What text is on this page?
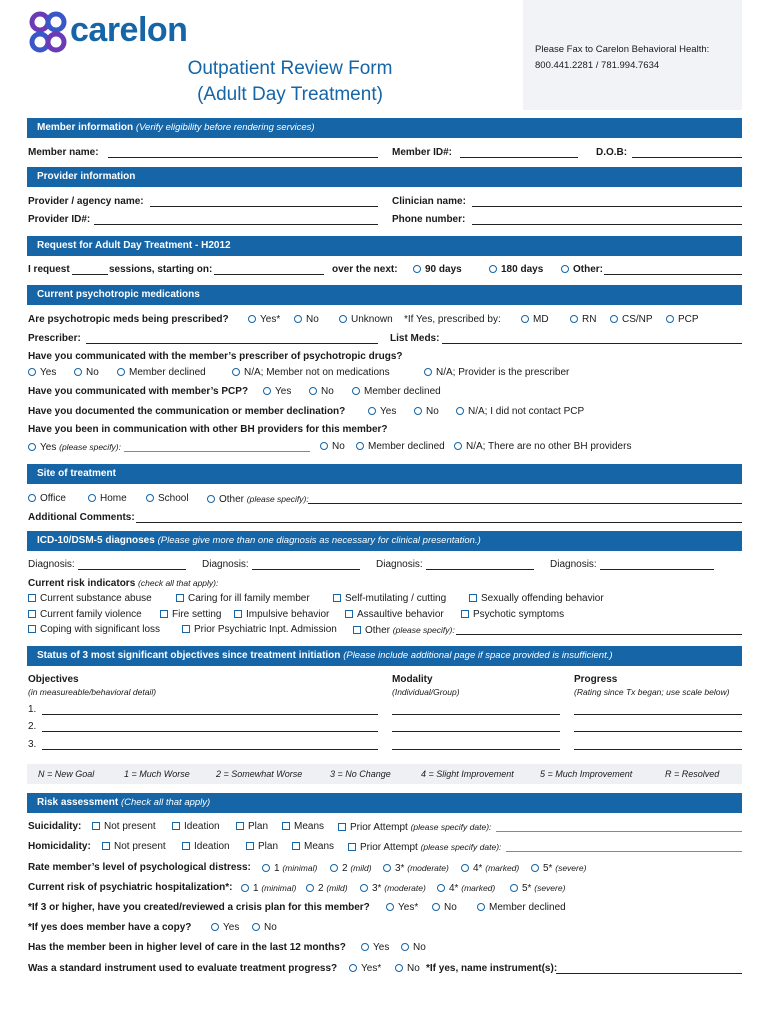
carelon
Please Fax to Carelon Behavioral Health:
800.441.2281 / 781.994.7634
Outpatient Review Form
(Adult Day Treatment)
Member information (Verify eligibility before rendering services)
Member name:	Member ID#:	D.O.B:
Provider information
Provider / agency name:	Clinician name:
Provider ID#:	Phone number:
Request for Adult Day Treatment - H2012
I request	sessions, starting on:	over the next:	90 days	180 days	Other:
Current psychotropic medications
Are psychotropic meds being prescribed?	Yes*	No	Unknown *If Yes, prescribed by:	MD	RN	CS/NP	PCP
Prescriber:	List Meds:
Have you communicated with the member’s prescriber of psychotropic drugs?
Yes	No	Member declined	N/A; Member not on medications	N/A; Provider is the prescriber
Have you communicated with member’s PCP?	Yes	No	Member declined
Have you documented the communication or member declination?	Yes	No	N/A; I did not contact PCP
Have you been in communication with other BH providers for this member?
Yes (please specify):	No	Member declined	N/A; There are no other BH providers
Site of treatment
Office	Home	School	Other (please specify):
Additional Comments:
ICD-10/DSM-5 diagnoses (Please give more than one diagnosis as necessary for clinical presentation.)
Diagnosis:	Diagnosis:	Diagnosis:	Diagnosis:
Current risk indicators (check all that apply):
Current substance abuse	Caring for ill family member	Self-mutilating / cutting	Sexually offending behavior
Current family violence	Fire setting	Impulsive behavior	Assaultive behavior	Psychotic symptoms
Coping with significant loss	Prior Psychiatric Inpt. Admission	Other (please specify):
Status of 3 most significant objectives since treatment initiation (Please include additional page if space provided is insufficient.)
Objectives
(in measureable/behavioral detail)
Modality
(Individual/Group)
Progress
(Rating since Tx began; use scale below)
1.
2.
3.
N = New Goal	1 = Much Worse	2 = Somewhat Worse	3 = No Change	4 = Slight Improvement	5 = Much Improvement	R = Resolved
Risk assessment (Check all that apply)
Suicidality:	Not present	Ideation	Plan	Means	Prior Attempt (please specify date):
Homicidality:	Not present	Ideation	Plan	Means	Prior Attempt (please specify date):
Rate member’s level of psychological distress:	1 (minimal)	2 (mild)	3* (moderate)	4* (marked)	5* (severe)
Current risk of psychiatric hospitalization*:	1 (minimal)	2 (mild)	3* (moderate)	4* (marked)	5* (severe)
*If 3 or higher, have you created/reviewed a crisis plan for this member?	Yes*	No	Member declined
*If yes does member have a copy?	Yes	No
Has the member been in higher level of care in the last 12 months?	Yes	No
Was a standard instrument used to evaluate treatment progress?	Yes*	No *If yes, name instrument(s):
